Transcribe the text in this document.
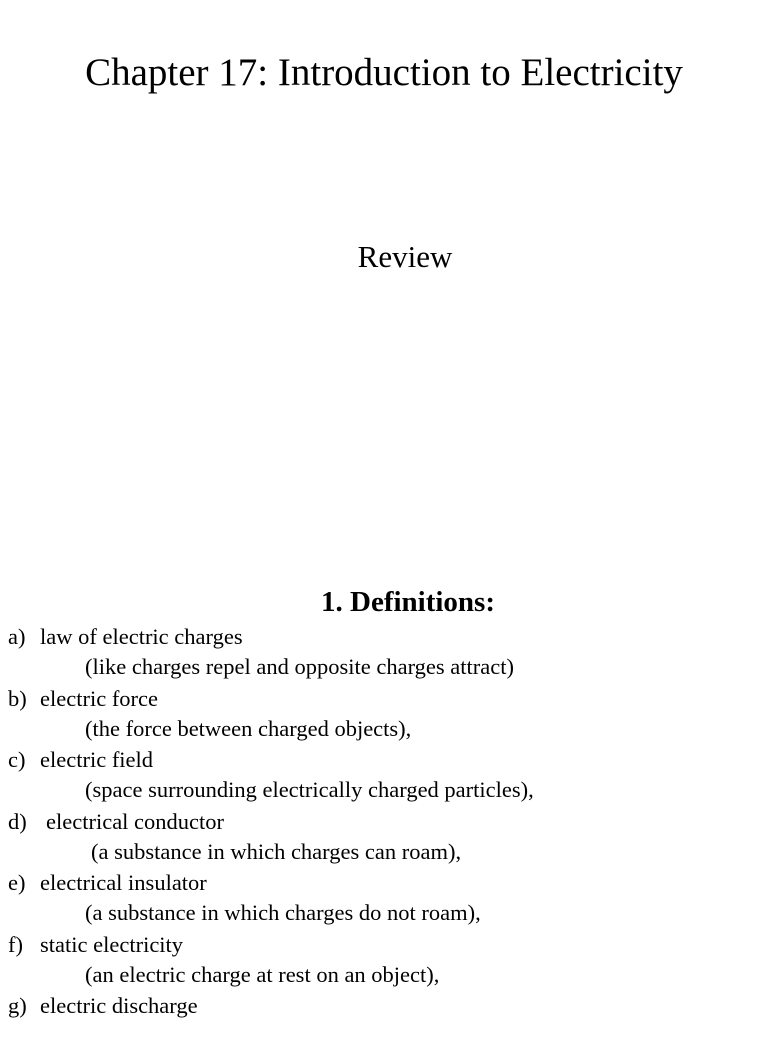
Chapter 17: Introduction to Electricity
Review
1. Definitions:
a) law of electric charges
(like charges repel and opposite charges attract)
b) electric force
(the force between charged objects),
c) electric field
(space surrounding electrically charged particles),
d) electrical conductor
(a substance in which charges can roam),
e) electrical insulator
(a substance in which charges do not roam),
f) static electricity
(an electric charge at rest on an object),
g) electric discharge
